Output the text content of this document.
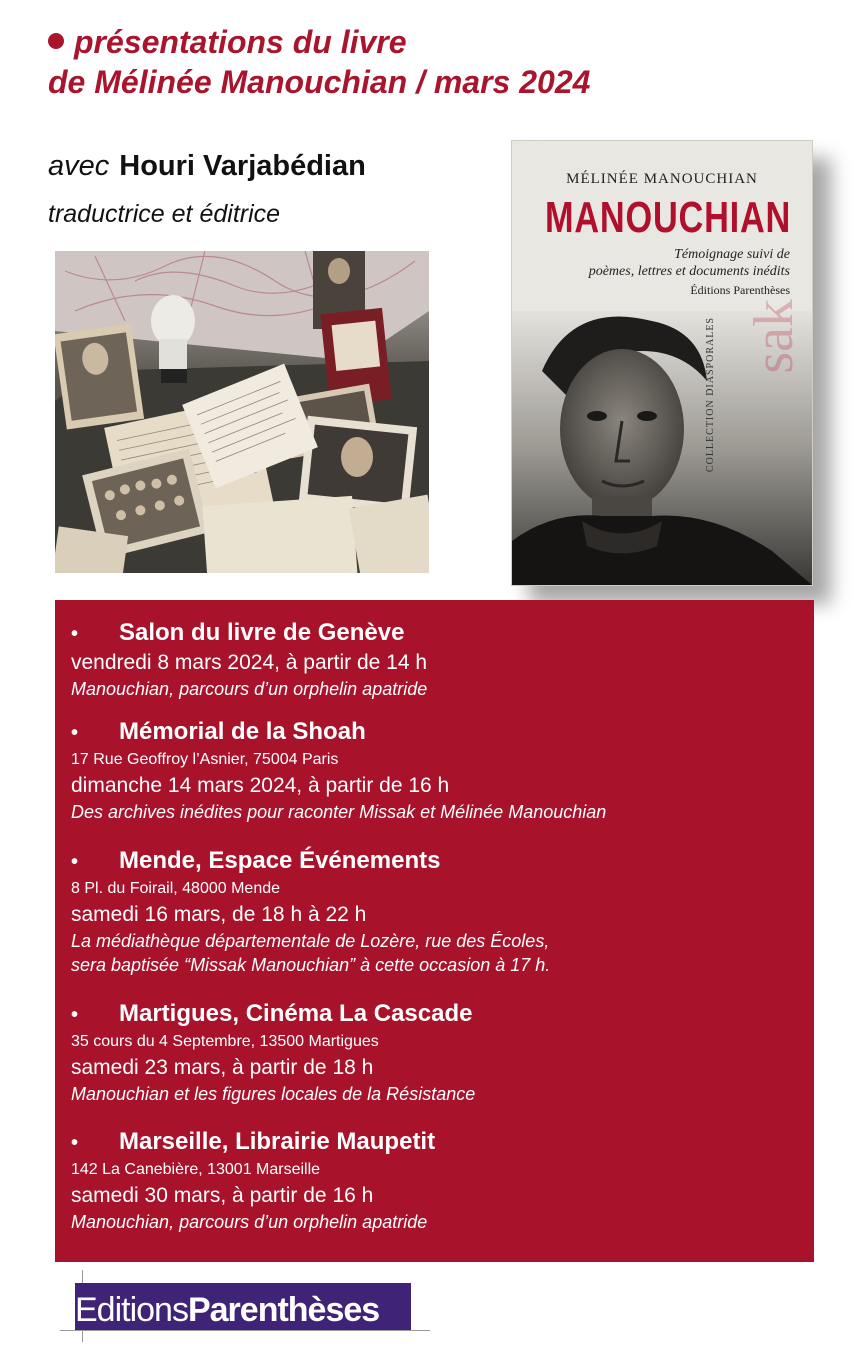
présentations du livre
de Mélinée Manouchian / mars 2024
avec Houri Varjabédian
traductrice et éditrice
MÉLINÉE MANOUCHIAN
MANOUCHIAN
Témoignage suivi de
poèmes, lettres et documents inédits
Éditions Parenthèses
COLLECTION DIASPORALES sak
• Salon du livre de Genève
vendredi 8 mars 2024, à partir de 14 h
Manouchian, parcours d’un orphelin apatride
• Mémorial de la Shoah
17 Rue Geoffroy l’Asnier, 75004 Paris
dimanche 14 mars 2024, à partir de 16 h
Des archives inédites pour raconter Missak et Mélinée Manouchian
• Mende, Espace Événements
8 Pl. du Foirail, 48000 Mende
samedi 16 mars, de 18 h à 22 h
La médiathèque départementale de Lozère, rue des Écoles,
sera baptisée “Missak Manouchian” à cette occasion à 17 h.
• Martigues, Cinéma La Cascade
35 cours du 4 Septembre, 13500 Martigues
samedi 23 mars, à partir de 18 h
Manouchian et les figures locales de la Résistance
• Marseille, Librairie Maupetit
142 La Canebière, 13001 Marseille
samedi 30 mars, à partir de 16 h
Manouchian, parcours d’un orphelin apatride
EditionsParenthèses
